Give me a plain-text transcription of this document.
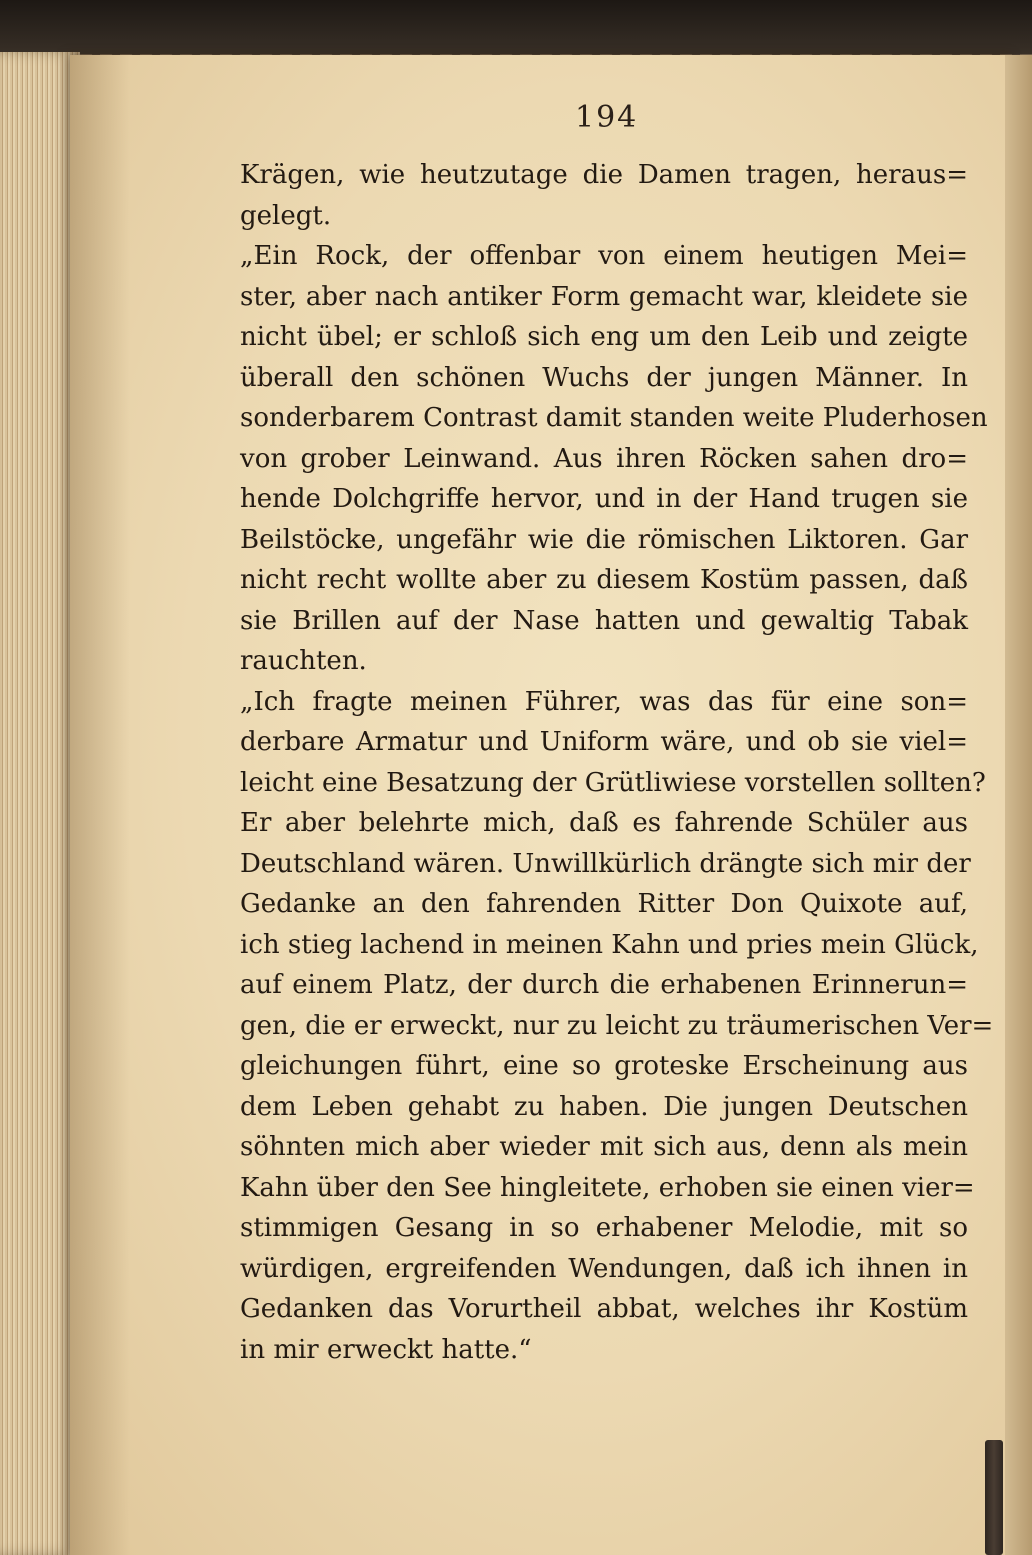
194
Krägen, wie heutzutage die Damen tragen, heraus=
gelegt.
„Ein Rock, der offenbar von einem heutigen Mei=
ster, aber nach antiker Form gemacht war, kleidete sie
nicht übel; er schloß sich eng um den Leib und zeigte
überall den schönen Wuchs der jungen Männer. In
sonderbarem Contrast damit standen weite Pluderhosen
von grober Leinwand. Aus ihren Röcken sahen dro=
hende Dolchgriffe hervor, und in der Hand trugen sie
Beilstöcke, ungefähr wie die römischen Liktoren. Gar
nicht recht wollte aber zu diesem Kostüm passen, daß
sie Brillen auf der Nase hatten und gewaltig Tabak
rauchten.
„Ich fragte meinen Führer, was das für eine son=
derbare Armatur und Uniform wäre, und ob sie viel=
leicht eine Besatzung der Grütliwiese vorstellen sollten?
Er aber belehrte mich, daß es fahrende Schüler aus
Deutschland wären. Unwillkürlich drängte sich mir der
Gedanke an den fahrenden Ritter Don Quixote auf,
ich stieg lachend in meinen Kahn und pries mein Glück,
auf einem Platz, der durch die erhabenen Erinnerun=
gen, die er erweckt, nur zu leicht zu träumerischen Ver=
gleichungen führt, eine so groteske Erscheinung aus
dem Leben gehabt zu haben. Die jungen Deutschen
söhnten mich aber wieder mit sich aus, denn als mein
Kahn über den See hingleitete, erhoben sie einen vier=
stimmigen Gesang in so erhabener Melodie, mit so
würdigen, ergreifenden Wendungen, daß ich ihnen in
Gedanken das Vorurtheil abbat, welches ihr Kostüm
in mir erweckt hatte.“
